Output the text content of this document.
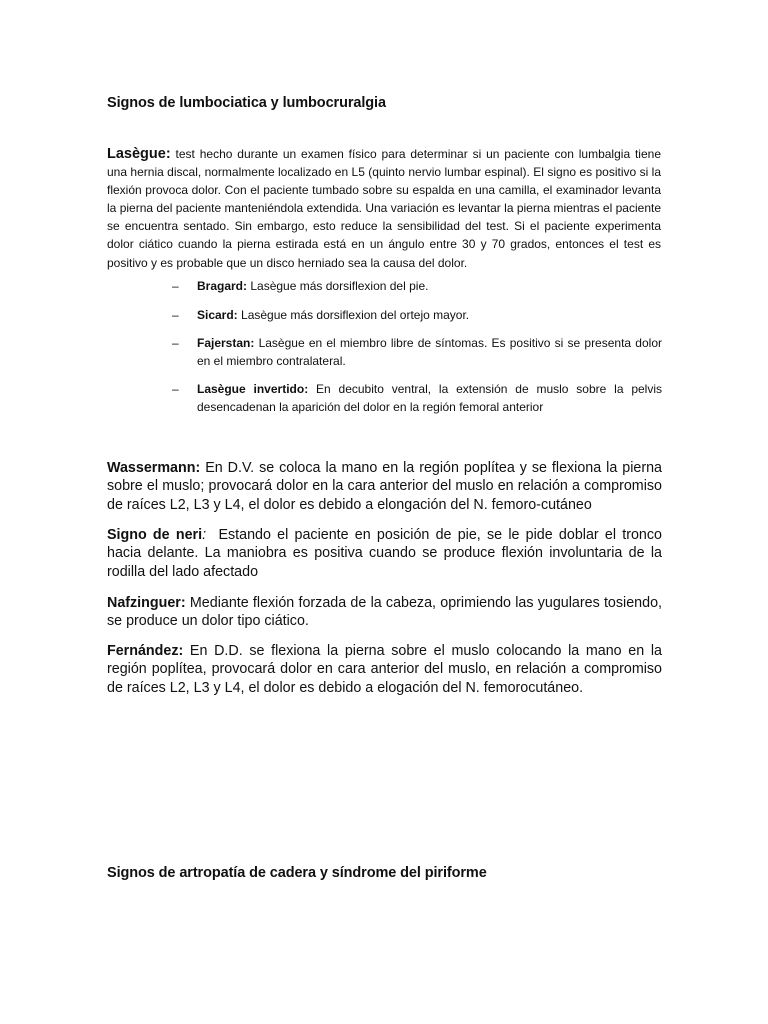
Signos de lumbociatica y lumbocruralgia
Lasègue: test hecho durante un examen físico para determinar si un paciente con lumbalgia tiene una hernia discal, normalmente localizado en L5 (quinto nervio lumbar espinal). El signo es positivo si la flexión provoca dolor. Con el paciente tumbado sobre su espalda en una camilla, el examinador levanta la pierna del paciente manteniéndola extendida. Una variación es levantar la pierna mientras el paciente se encuentra sentado. Sin embargo, esto reduce la sensibilidad del test. Si el paciente experimenta dolor ciático cuando la pierna estirada está en un ángulo entre 30 y 70 grados, entonces el test es positivo y es probable que un disco herniado sea la causa del dolor.
– Bragard: Lasègue más dorsiflexion del pie.
– Sicard: Lasègue más dorsiflexion del ortejo mayor.
– Fajerstan: Lasègue en el miembro libre de síntomas. Es positivo si se presenta dolor en el miembro contralateral.
– Lasègue invertido: En decubito ventral, la extensión de muslo sobre la pelvis desencadenan la aparición del dolor en la región femoral anterior
Wassermann: En D.V. se coloca la mano en la región poplítea y se flexiona la pierna sobre el muslo; provocará dolor en la cara anterior del muslo en relación a compromiso de raíces L2, L3 y L4, el dolor es debido a elongación del N. femoro-cutáneo
Signo de neri:  Estando el paciente en posición de pie, se le pide doblar el tronco hacia delante. La maniobra es positiva cuando se produce flexión involuntaria de la rodilla del lado afectado
Nafzinguer: Mediante flexión forzada de la cabeza, oprimiendo las yugulares tosiendo, se produce un dolor tipo ciático.
Fernández: En D.D. se flexiona la pierna sobre el muslo colocando la mano en la región poplítea, provocará dolor en cara anterior del muslo, en relación a compromiso de raíces L2, L3 y L4, el dolor es debido a elogación del N. femorocutáneo.
Signos de artropatía de cadera y síndrome del piriforme
